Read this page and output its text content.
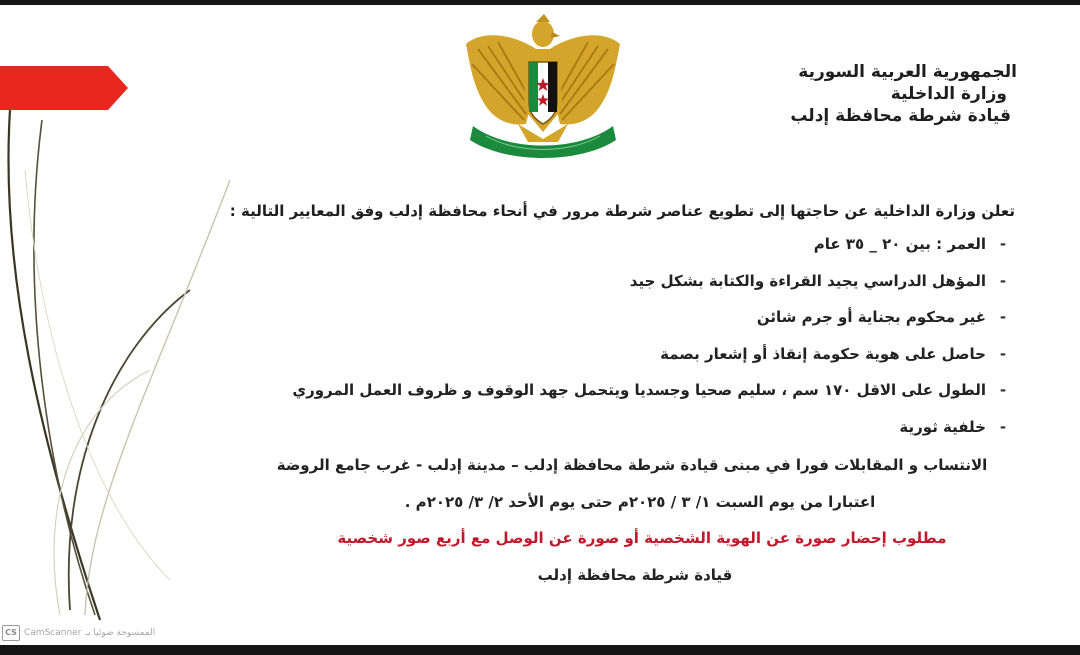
الجمهورية العربية السورية
وزارة الداخلية
قيادة شرطة محافظة إدلب
تعلن وزارة الداخلية عن حاجتها إلى تطويع عناصر شرطة مرور في أنحاء محافظة إدلب وفق المعايير التالية :
-
العمر : بين ٢٠ _ ٣٥ عام
-
المؤهل الدراسي يجيد القراءة والكتابة بشكل جيد
-
غير محكوم بجناية أو جرم شائن
-
حاصل على هوية حكومة إنقاذ أو إشعار بصمة
-
الطول على الاقل ١٧٠ سم ، سليم صحيا وجسديا ويتحمل جهد الوقوف و ظروف العمل المروري
-
خلفية ثورية
الانتساب و المقابلات فورا في مبنى قيادة شرطة محافظة إدلب – مدينة إدلب - غرب جامع الروضة
اعتبارا من يوم السبت ١/ ٣ / ٢٠٢٥م حتى يوم الأحد ٢/ ٣/ ٢٠٢٥م .
مطلوب إحضار صورة عن الهوية الشخصية أو صورة عن الوصل مع أربع صور شخصية
قيادة شرطة محافظة إدلب
CS CamScanner الممسوحة ضوئيا بـ
